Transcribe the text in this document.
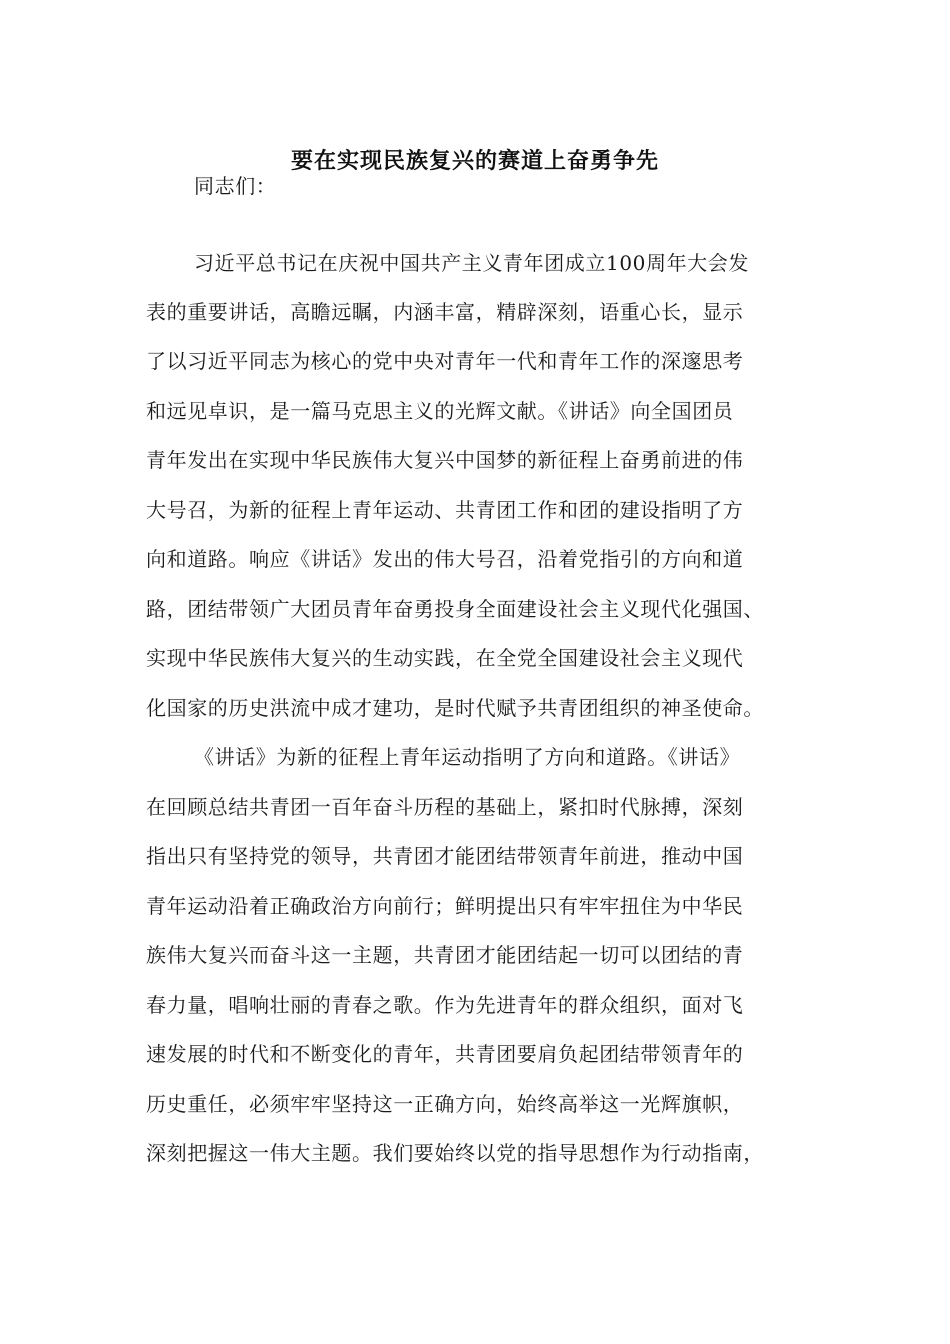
要在实现民族复兴的赛道上奋勇争先
同志们：
习近平总书记在庆祝中国共产主义青年团成立100周年大会发
表的重要讲话，高瞻远瞩，内涵丰富，精辟深刻，语重心长，显示
了以习近平同志为核心的党中央对青年一代和青年工作的深邃思考
和远见卓识，是一篇马克思主义的光辉文献。《讲话》向全国团员
青年发出在实现中华民族伟大复兴中国梦的新征程上奋勇前进的伟
大号召，为新的征程上青年运动、共青团工作和团的建设指明了方
向和道路。响应《讲话》发出的伟大号召，沿着党指引的方向和道
路，团结带领广大团员青年奋勇投身全面建设社会主义现代化强国、
实现中华民族伟大复兴的生动实践，在全党全国建设社会主义现代
化国家的历史洪流中成才建功，是时代赋予共青团组织的神圣使命。
《讲话》为新的征程上青年运动指明了方向和道路。《讲话》
在回顾总结共青团一百年奋斗历程的基础上，紧扣时代脉搏，深刻
指出只有坚持党的领导，共青团才能团结带领青年前进，推动中国
青年运动沿着正确政治方向前行；鲜明提出只有牢牢扭住为中华民
族伟大复兴而奋斗这一主题，共青团才能团结起一切可以团结的青
春力量，唱响壮丽的青春之歌。作为先进青年的群众组织，面对飞
速发展的时代和不断变化的青年，共青团要肩负起团结带领青年的
历史重任，必须牢牢坚持这一正确方向，始终高举这一光辉旗帜，
深刻把握这一伟大主题。我们要始终以党的指导思想作为行动指南，
